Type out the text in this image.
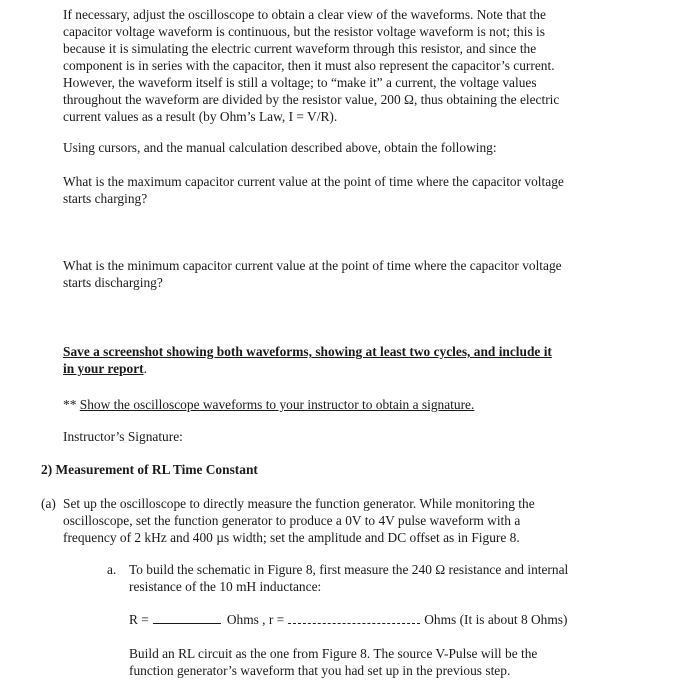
If necessary, adjust the oscilloscope to obtain a clear view of the waveforms. Note that the
capacitor voltage waveform is continuous, but the resistor voltage waveform is not; this is
because it is simulating the electric current waveform through this resistor, and since the
component is in series with the capacitor, then it must also represent the capacitor’s current.
However, the waveform itself is still a voltage; to “make it” a current, the voltage values
throughout the waveform are divided by the resistor value, 200 Ω, thus obtaining the electric
current values as a result (by Ohm’s Law, I = V/R).

Using cursors, and the manual calculation described above, obtain the following:

What is the maximum capacitor current value at the point of time where the capacitor voltage
starts charging?
What is the minimum capacitor current value at the point of time where the capacitor voltage
starts discharging?
Save a screenshot showing both waveforms, showing at least two cycles, and include it
in your report.

** Show the oscilloscope waveforms to your instructor to obtain a signature.

Instructor’s Signature:

2) Measurement of RL Time Constant

(a) Set up the oscilloscope to directly measure the function generator. While monitoring the
oscilloscope, set the function generator to produce a 0V to 4V pulse waveform with a
frequency of 2 kHz and 400 µs width; set the amplitude and DC offset as in Figure 8.
a. To build the schematic in Figure 8, first measure the 240 Ω resistance and internal
resistance of the 10 mH inductance:

R =	Ohms , r =	Ohms (It is about 8 Ohms)

Build an RL circuit as the one from Figure 8. The source V-Pulse will be the
function generator’s waveform that you had set up in the previous step.
